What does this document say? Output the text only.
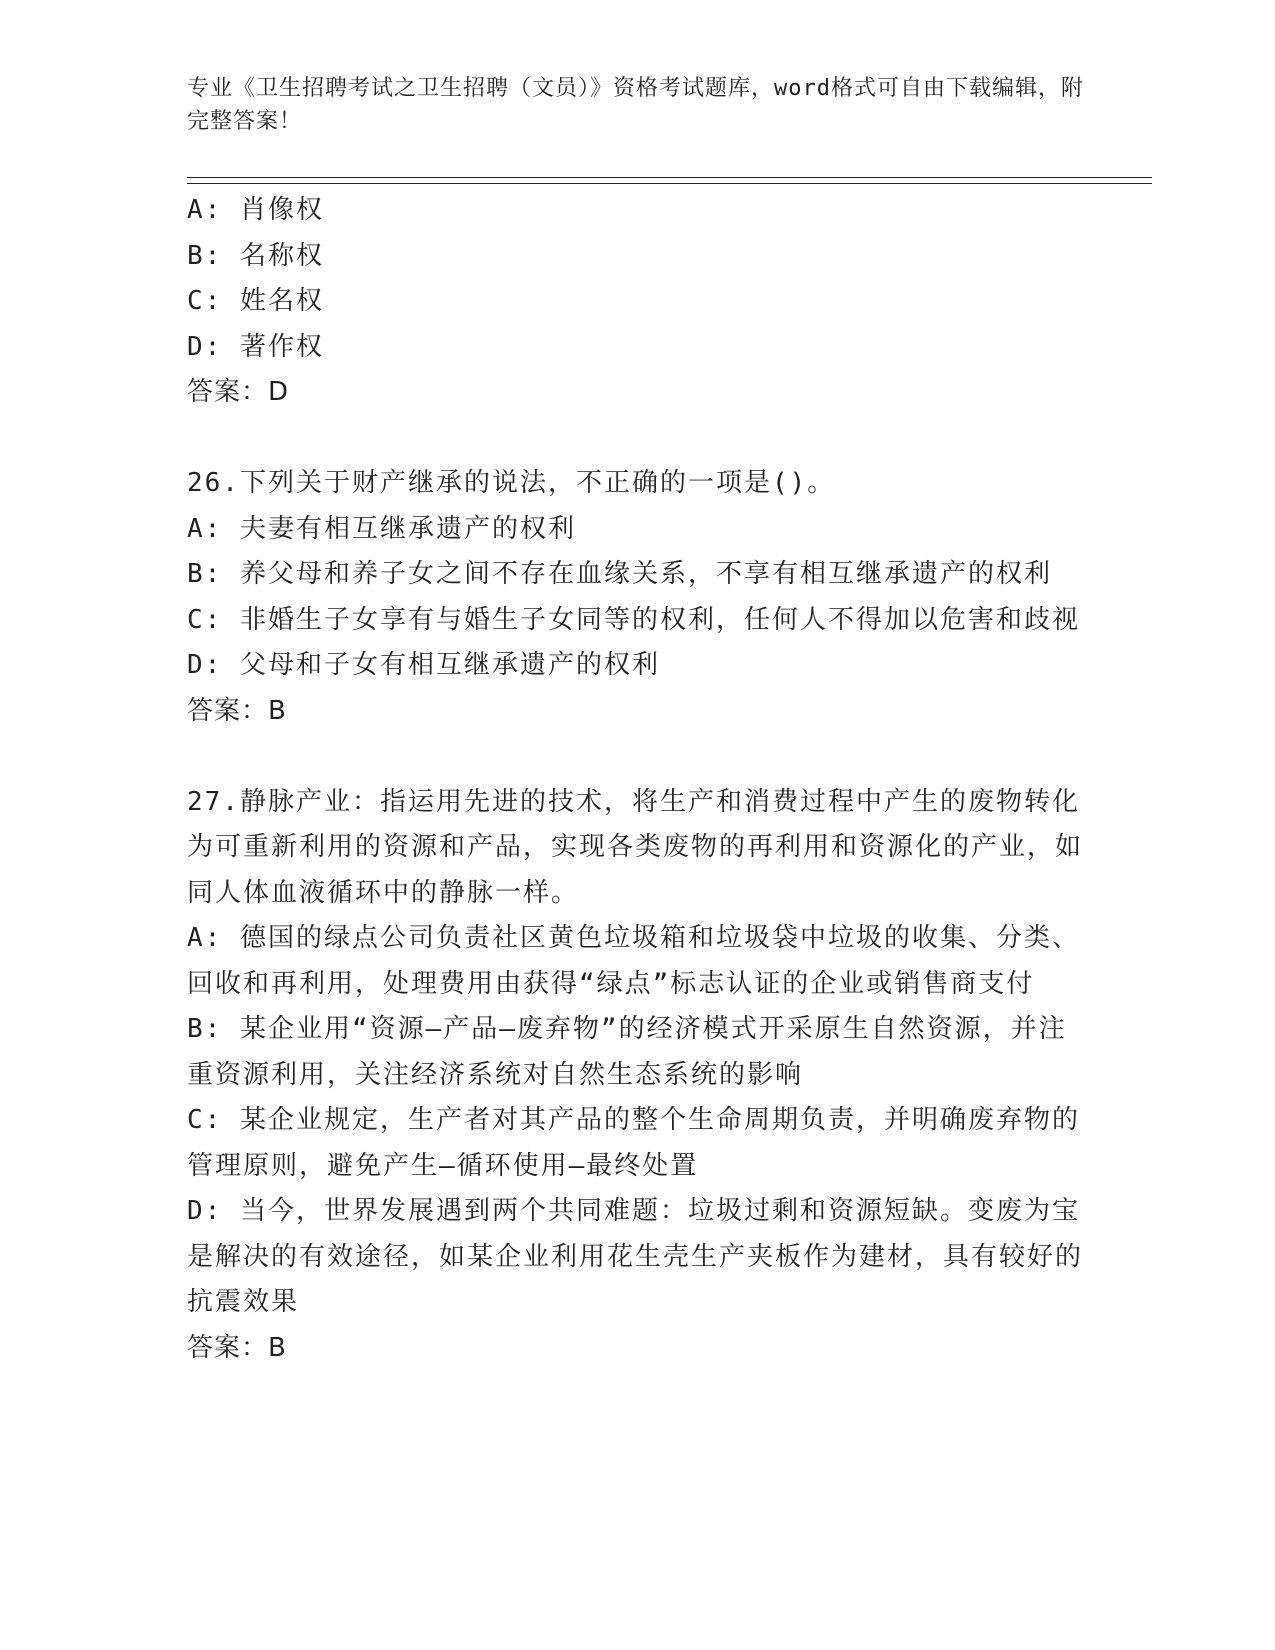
专业《卫生招聘考试之卫生招聘（文员）》资格考试题库，word格式可自由下载编辑，附完整答案！

A: 肖像权

B: 名称权

C: 姓名权

D: 著作权

答案：D

26.下列关于财产继承的说法，不正确的一项是()。

A: 夫妻有相互继承遗产的权利

B: 养父母和养子女之间不存在血缘关系，不享有相互继承遗产的权利

C: 非婚生子女享有与婚生子女同等的权利，任何人不得加以危害和歧视

D: 父母和子女有相互继承遗产的权利

答案：B

27.静脉产业：指运用先进的技术，将生产和消费过程中产生的废物转化为可重新利用的资源和产品，实现各类废物的再利用和资源化的产业，如同人体血液循环中的静脉一样。

A: 德国的绿点公司负责社区黄色垃圾箱和垃圾袋中垃圾的收集、分类、回收和再利用，处理费用由获得“绿点”标志认证的企业或销售商支付

B: 某企业用“资源—产品—废弃物”的经济模式开采原生自然资源，并注重资源利用，关注经济系统对自然生态系统的影响

C: 某企业规定，生产者对其产品的整个生命周期负责，并明确废弃物的管理原则，避免产生—循环使用—最终处置

D: 当今，世界发展遇到两个共同难题：垃圾过剩和资源短缺。变废为宝是解决的有效途径，如某企业利用花生壳生产夹板作为建材，具有较好的抗震效果

答案：B
